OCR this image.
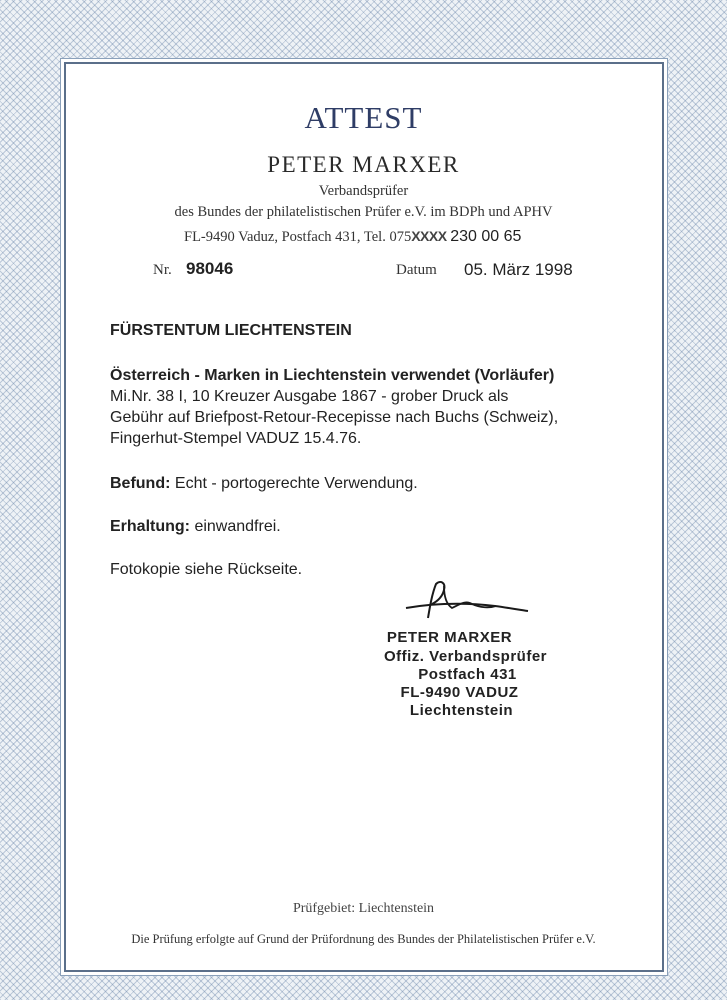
ATTEST
PETER MARXER
Verbandsprüfer
des Bundes der philatelistischen Prüfer e.V. im BDPh und APHV
FL-9490 Vaduz, Postfach 431, Tel. 075XXXX 230 00 65
Nr. 98046	Datum 05. März 1998
FÜRSTENTUM LIECHTENSTEIN
Österreich - Marken in Liechtenstein verwendet (Vorläufer)
Mi.Nr. 38 I, 10 Kreuzer Ausgabe 1867 - grober Druck als
Gebühr auf Briefpost-Retour-Recepisse nach Buchs (Schweiz),
Fingerhut-Stempel VADUZ 15.4.76.
Befund: Echt - portogerechte Verwendung.
Erhaltung: einwandfrei.
Fotokopie siehe Rückseite.
PETER MARXER
Offiz. Verbandsprüfer
Postfach 431
FL-9490 VADUZ
Liechtenstein
Prüfgebiet: Liechtenstein
Die Prüfung erfolgte auf Grund der Prüfordnung des Bundes der Philatelistischen Prüfer e.V.
